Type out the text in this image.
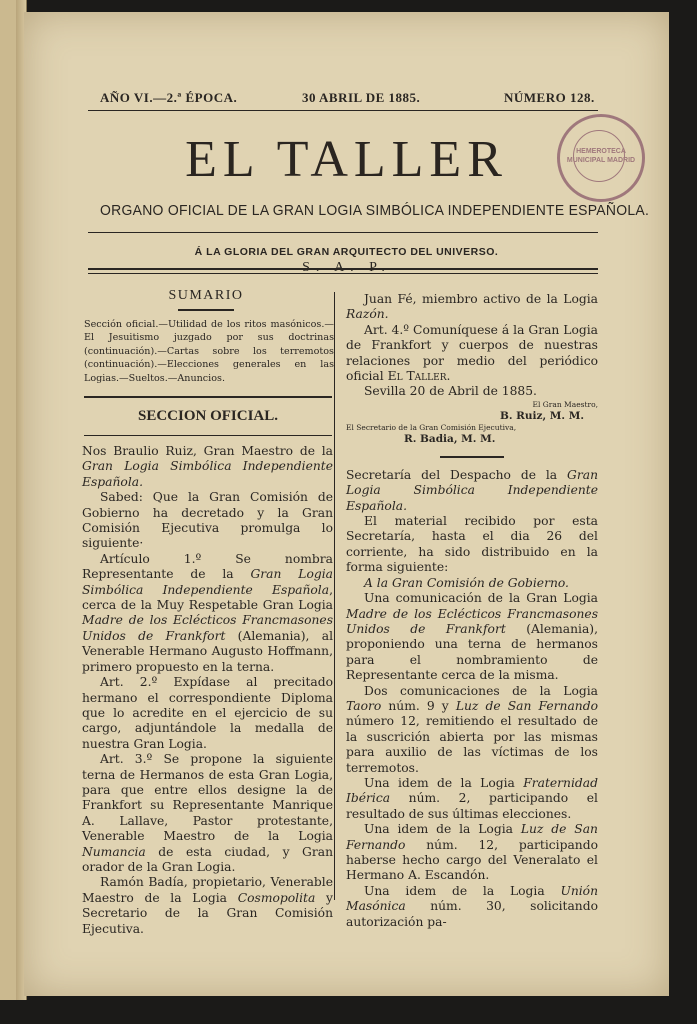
AÑO VI.—2.ª ÉPOCA.	30 ABRIL DE 1885.	NÚMERO 128.
EL TALLER
ORGANO OFICIAL DE LA GRAN LOGIA SIMBÓLICA INDEPENDIENTE ESPAÑOLA.
HEMEROTECA MUNICIPAL MADRID
Á LA GLORIA DEL GRAN ARQUITECTO DEL UNIVERSO.
SUMARIO

Sección oficial.—Utilidad de los ritos masónicos.—El Jesuitismo juzgado por sus doctrinas (continuación).—Cartas sobre los terremotos (continuación).—Elecciones generales en las Logias.—Sueltos.—Anuncios.

SECCION OFICIAL.

Nos Braulio Ruiz, Gran Maestro de la Gran Logia Simbólica Independiente Española.

Sabed: Que la Gran Comisión de Gobierno ha decretado y la Gran Comisión Ejecutiva promulga lo siguiente·

Artículo 1.º Se nombra Representante de la Gran Logia Simbólica Independiente Española, cerca de la Muy Respetable Gran Logia Madre de los Eclécticos Francmasones Unidos de Frankfort (Alemania), al Venerable Hermano Augusto Hoffmann, primero propuesto en la terna.

Art. 2.º Expídase al precitado hermano el correspondiente Diploma que lo acredite en el ejercicio de su cargo, adjuntándole la medalla de nuestra Gran Logia.

Art. 3.º Se propone la siguiente terna de Hermanos de esta Gran Logia, para que entre ellos designe la de Frankfort su Representante Manrique A. Lallave, Pastor protestante, Venerable Maestro de la Logia Numancia de esta ciudad, y Gran orador de la Gran Logia.

Ramón Badía, propietario, Venerable Maestro de la Logia Cosmopolita y Secretario de la Gran Comisión Ejecutiva.

Juan Fé, miembro activo de la Logia Razón.

Art. 4.º Comuníquese á la Gran Logia de Frankfort y cuerpos de nuestras relaciones por medio del periódico oficial El Taller.

Sevilla 20 de Abril de 1885.

El Gran Maestro,

B. Ruiz, M. M.

El Secretario de la Gran Comisión Ejecutiva,

R. Badia, M. M.

Secretaría del Despacho de la Gran Logia Simbólica Independiente Española.

El material recibido por esta Secretaría, hasta el dia 26 del corriente, ha sido distribuido en la forma siguiente:

A la Gran Comisión de Gobierno.

Una comunicación de la Gran Logia Madre de los Eclécticos Francmasones Unidos de Frankfort (Alemania), proponiendo una terna de hermanos para el nombramiento de Representante cerca de la misma.

Dos comunicaciones de la Logia Taoro núm. 9 y Luz de San Fernando número 12, remitiendo el resultado de la suscrición abierta por las mismas para auxilio de las víctimas de los terremotos.

Una idem de la Logia Fraternidad Ibérica núm. 2, participando el resultado de sus últimas elecciones.

Una idem de la Logia Luz de San Fernando núm. 12, participando haberse hecho cargo del Veneralato el Hermano A. Escandón.

Una idem de la Logia Unión Masónica núm. 30, solicitando autorización pa-
